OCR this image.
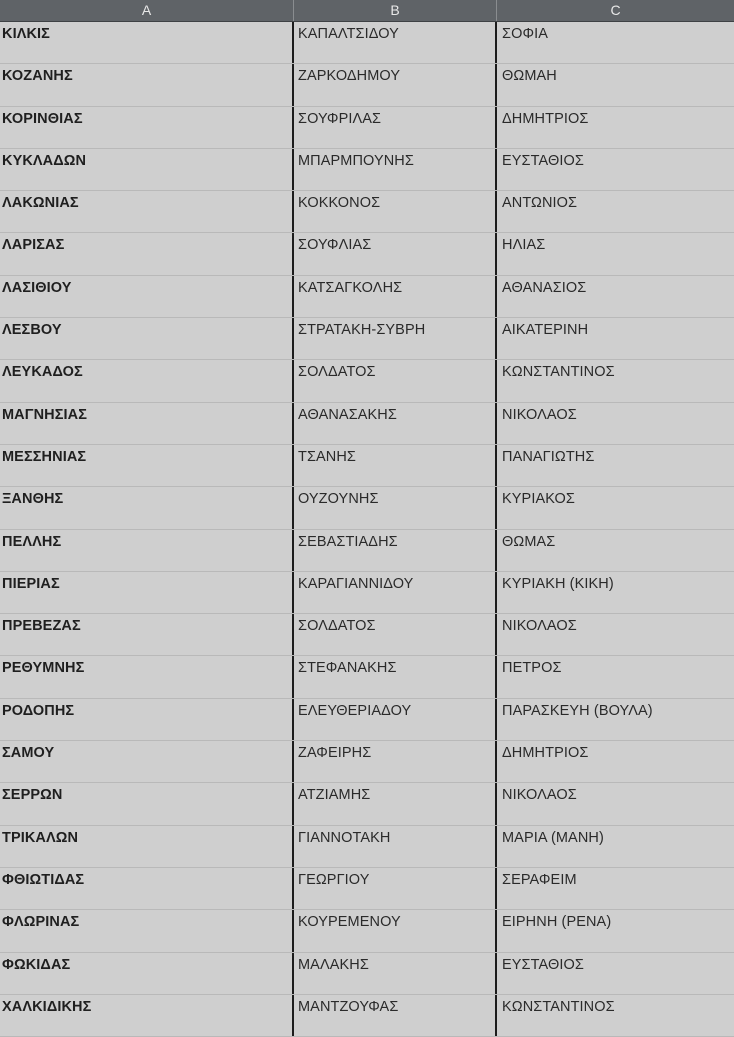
A	B	C
ΚΙΛΚΙΣ	ΚΑΠΑΛΤΣΙΔΟΥ	ΣΟΦΙΑ
ΚΟΖΑΝΗΣ	ΖΑΡΚΟΔΗΜΟΥ	ΘΩΜΑΗ
ΚΟΡΙΝΘΙΑΣ	ΣΟΥΦΡΙΛΑΣ	ΔΗΜΗΤΡΙΟΣ
ΚΥΚΛΑΔΩΝ	ΜΠΑΡΜΠΟΥΝΗΣ	ΕΥΣΤΑΘΙΟΣ
ΛΑΚΩΝΙΑΣ	ΚΟΚΚΟΝΟΣ	ΑΝΤΩΝΙΟΣ
ΛΑΡΙΣΑΣ	ΣΟΥΦΛΙΑΣ	ΗΛΙΑΣ
ΛΑΣΙΘΙΟΥ	ΚΑΤΣΑΓΚΟΛΗΣ	ΑΘΑΝΑΣΙΟΣ
ΛΕΣΒΟΥ	ΣΤΡΑΤΑΚΗ-ΣΥΒΡΗ	ΑΙΚΑΤΕΡΙΝΗ
ΛΕΥΚΑΔΟΣ	ΣΟΛΔΑΤΟΣ	ΚΩΝΣΤΑΝΤΙΝΟΣ
ΜΑΓΝΗΣΙΑΣ	ΑΘΑΝΑΣΑΚΗΣ	ΝΙΚΟΛΑΟΣ
ΜΕΣΣΗΝΙΑΣ	ΤΣΑΝΗΣ	ΠΑΝΑΓΙΩΤΗΣ
ΞΑΝΘΗΣ	ΟΥΖΟΥΝΗΣ	ΚΥΡΙΑΚΟΣ
ΠΕΛΛΗΣ	ΣΕΒΑΣΤΙΑΔΗΣ	ΘΩΜΑΣ
ΠΙΕΡΙΑΣ	ΚΑΡΑΓΙΑΝΝΙΔΟΥ	ΚΥΡΙΑΚΗ (ΚΙΚΗ)
ΠΡΕΒΕΖΑΣ	ΣΟΛΔΑΤΟΣ	ΝΙΚΟΛΑΟΣ
ΡΕΘΥΜΝΗΣ	ΣΤΕΦΑΝΑΚΗΣ	ΠΕΤΡΟΣ
ΡΟΔΟΠΗΣ	ΕΛΕΥΘΕΡΙΑΔΟΥ	ΠΑΡΑΣΚΕΥΗ (ΒΟΥΛΑ)
ΣΑΜΟΥ	ΖΑΦΕΙΡΗΣ	ΔΗΜΗΤΡΙΟΣ
ΣΕΡΡΩΝ	ΑΤΖΙΑΜΗΣ	ΝΙΚΟΛΑΟΣ
ΤΡΙΚΑΛΩΝ	ΓΙΑΝΝΟΤΑΚΗ	ΜΑΡΙΑ (ΜΑΝΗ)
ΦΘΙΩΤΙΔΑΣ	ΓΕΩΡΓΙΟΥ	ΣΕΡΑΦΕΙΜ
ΦΛΩΡΙΝΑΣ	ΚΟΥΡΕΜΕΝΟΥ	ΕΙΡΗΝΗ (ΡΕΝΑ)
ΦΩΚΙΔΑΣ	ΜΑΛΑΚΗΣ	ΕΥΣΤΑΘΙΟΣ
ΧΑΛΚΙΔΙΚΗΣ	ΜΑΝΤΖΟΥΦΑΣ	ΚΩΝΣΤΑΝΤΙΝΟΣ
